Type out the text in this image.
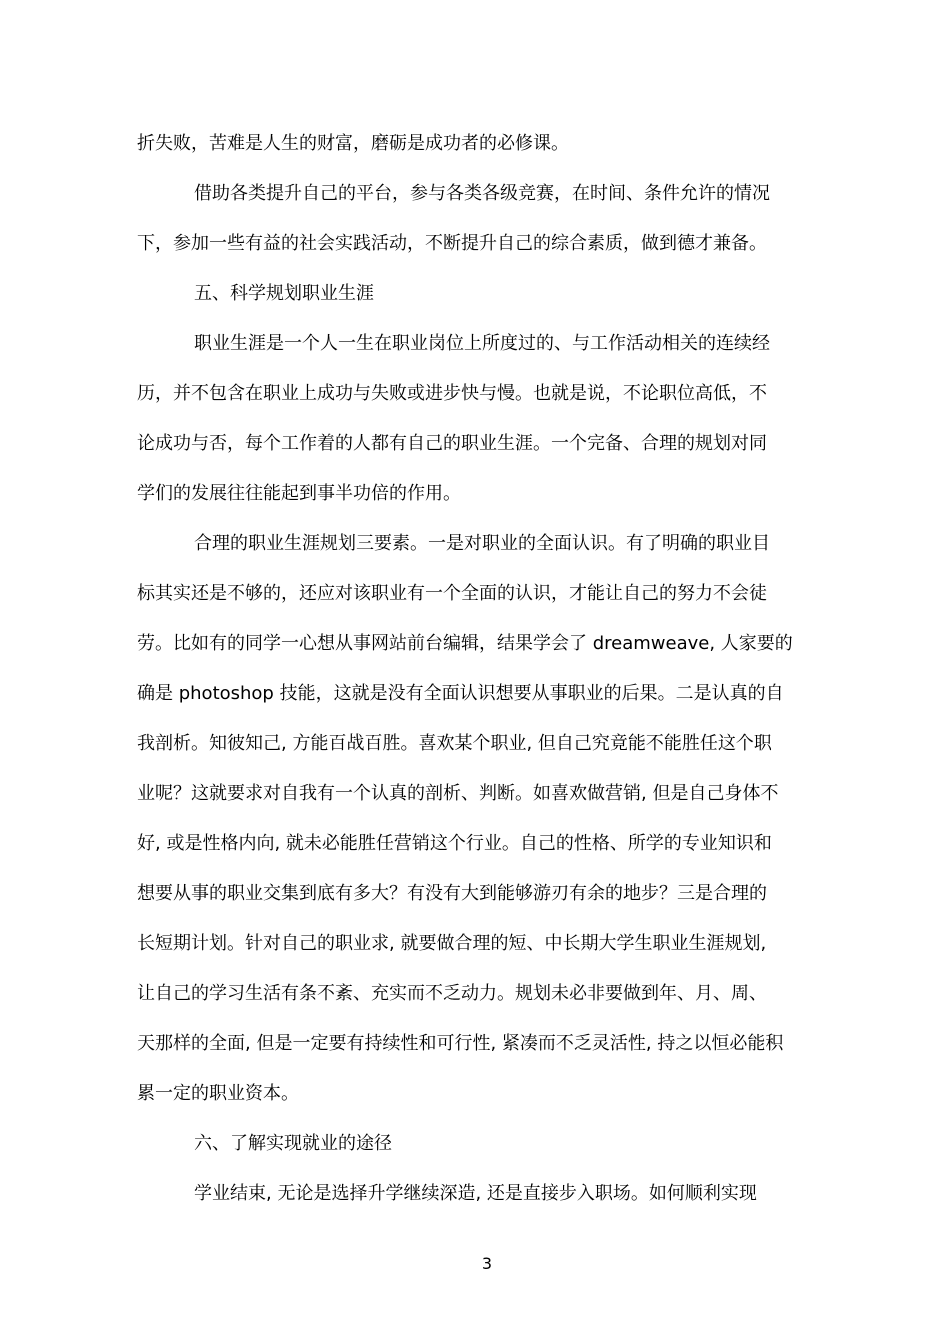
折失败，苦难是人生的财富，磨砺是成功者的必修课。
借助各类提升自己的平台，参与各类各级竞赛，在时间、条件允许的情况
下，参加一些有益的社会实践活动，不断提升自己的综合素质，做到德才兼备。
五、科学规划职业生涯
职业生涯是一个人一生在职业岗位上所度过的、与工作活动相关的连续经
历，并不包含在职业上成功与失败或进步快与慢。也就是说，不论职位高低，不
论成功与否，每个工作着的人都有自己的职业生涯。一个完备、合理的规划对同
学们的发展往往能起到事半功倍的作用。
合理的职业生涯规划三要素。一是对职业的全面认识。有了明确的职业目
标其实还是不够的，还应对该职业有一个全面的认识，才能让自己的努力不会徒
劳。比如有的同学一心想从事网站前台编辑，结果学会了 dreamweave, 人家要的
确是 photoshop 技能，这就是没有全面认识想要从事职业的后果。二是认真的自
我剖析。知彼知己, 方能百战百胜。喜欢某个职业, 但自己究竟能不能胜任这个职
业呢？这就要求对自我有一个认真的剖析、判断。如喜欢做营销, 但是自己身体不
好, 或是性格内向, 就未必能胜任营销这个行业。自己的性格、所学的专业知识和
想要从事的职业交集到底有多大？有没有大到能够游刃有余的地步？三是合理的
长短期计划。针对自己的职业求, 就要做合理的短、中长期大学生职业生涯规划,
让自己的学习生活有条不紊、充实而不乏动力。规划未必非要做到年、月、周、
天那样的全面, 但是一定要有持续性和可行性, 紧凑而不乏灵活性, 持之以恒必能积
累一定的职业资本。
六、了解实现就业的途径
学业结束, 无论是选择升学继续深造, 还是直接步入职场。如何顺利实现
3
